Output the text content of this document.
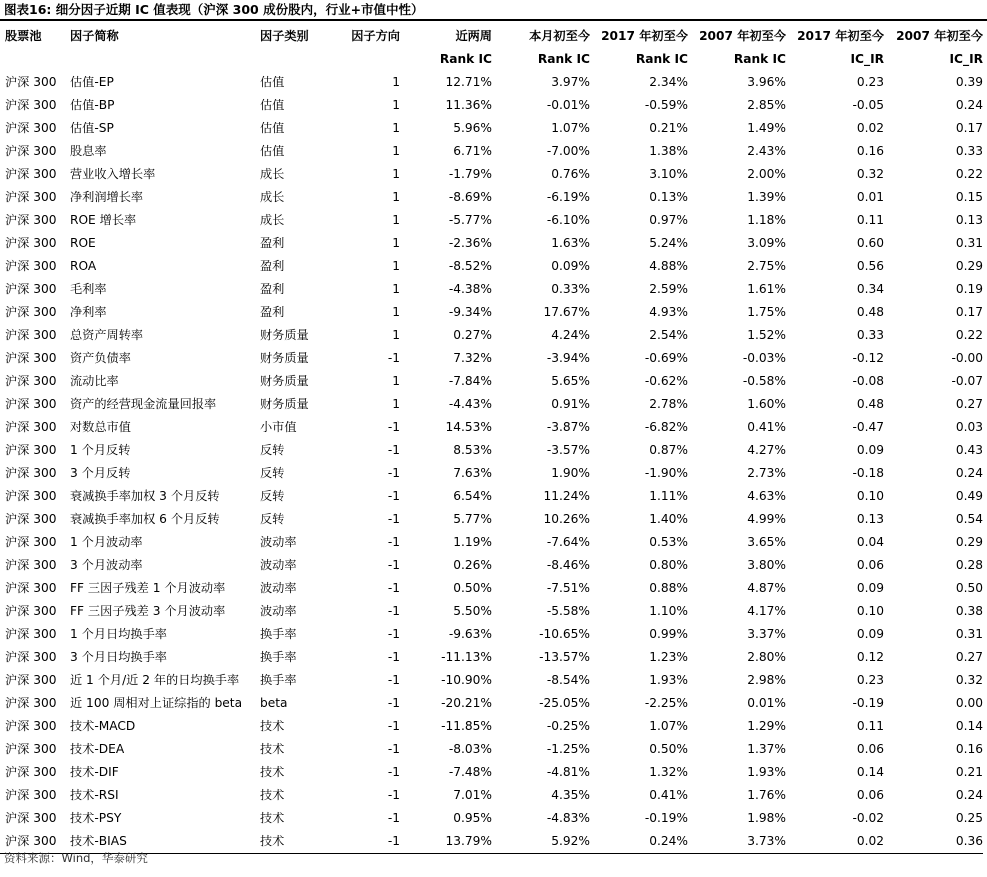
图表16: 细分因子近期 IC 值表现（沪深 300 成份股内，行业+市值中性）
股票池	因子简称	因子类别	因子方向	近两周	本月初至今	2017 年初至今	2007 年初至今	2017 年初至今	2007 年初至今
				Rank IC	Rank IC	Rank IC	Rank IC	IC_IR	IC_IR
沪深 300	估值-EP	估值	1	12.71%	3.97%	2.34%	3.96%	0.23	0.39
沪深 300	估值-BP	估值	1	11.36%	-0.01%	-0.59%	2.85%	-0.05	0.24
沪深 300	估值-SP	估值	1	5.96%	1.07%	0.21%	1.49%	0.02	0.17
沪深 300	股息率	估值	1	6.71%	-7.00%	1.38%	2.43%	0.16	0.33
沪深 300	营业收入增长率	成长	1	-1.79%	0.76%	3.10%	2.00%	0.32	0.22
沪深 300	净利润增长率	成长	1	-8.69%	-6.19%	0.13%	1.39%	0.01	0.15
沪深 300	ROE 增长率	成长	1	-5.77%	-6.10%	0.97%	1.18%	0.11	0.13
沪深 300	ROE	盈利	1	-2.36%	1.63%	5.24%	3.09%	0.60	0.31
沪深 300	ROA	盈利	1	-8.52%	0.09%	4.88%	2.75%	0.56	0.29
沪深 300	毛利率	盈利	1	-4.38%	0.33%	2.59%	1.61%	0.34	0.19
沪深 300	净利率	盈利	1	-9.34%	17.67%	4.93%	1.75%	0.48	0.17
沪深 300	总资产周转率	财务质量	1	0.27%	4.24%	2.54%	1.52%	0.33	0.22
沪深 300	资产负债率	财务质量	-1	7.32%	-3.94%	-0.69%	-0.03%	-0.12	-0.00
沪深 300	流动比率	财务质量	1	-7.84%	5.65%	-0.62%	-0.58%	-0.08	-0.07
沪深 300	资产的经营现金流量回报率	财务质量	1	-4.43%	0.91%	2.78%	1.60%	0.48	0.27
沪深 300	对数总市值	小市值	-1	14.53%	-3.87%	-6.82%	0.41%	-0.47	0.03
沪深 300	1 个月反转	反转	-1	8.53%	-3.57%	0.87%	4.27%	0.09	0.43
沪深 300	3 个月反转	反转	-1	7.63%	1.90%	-1.90%	2.73%	-0.18	0.24
沪深 300	衰减换手率加权 3 个月反转	反转	-1	6.54%	11.24%	1.11%	4.63%	0.10	0.49
沪深 300	衰减换手率加权 6 个月反转	反转	-1	5.77%	10.26%	1.40%	4.99%	0.13	0.54
沪深 300	1 个月波动率	波动率	-1	1.19%	-7.64%	0.53%	3.65%	0.04	0.29
沪深 300	3 个月波动率	波动率	-1	0.26%	-8.46%	0.80%	3.80%	0.06	0.28
沪深 300	FF 三因子残差 1 个月波动率	波动率	-1	0.50%	-7.51%	0.88%	4.87%	0.09	0.50
沪深 300	FF 三因子残差 3 个月波动率	波动率	-1	5.50%	-5.58%	1.10%	4.17%	0.10	0.38
沪深 300	1 个月日均换手率	换手率	-1	-9.63%	-10.65%	0.99%	3.37%	0.09	0.31
沪深 300	3 个月日均换手率	换手率	-1	-11.13%	-13.57%	1.23%	2.80%	0.12	0.27
沪深 300	近 1 个月/近 2 年的日均换手率	换手率	-1	-10.90%	-8.54%	1.93%	2.98%	0.23	0.32
沪深 300	近 100 周相对上证综指的 beta	beta	-1	-20.21%	-25.05%	-2.25%	0.01%	-0.19	0.00
沪深 300	技术-MACD	技术	-1	-11.85%	-0.25%	1.07%	1.29%	0.11	0.14
沪深 300	技术-DEA	技术	-1	-8.03%	-1.25%	0.50%	1.37%	0.06	0.16
沪深 300	技术-DIF	技术	-1	-7.48%	-4.81%	1.32%	1.93%	0.14	0.21
沪深 300	技术-RSI	技术	-1	7.01%	4.35%	0.41%	1.76%	0.06	0.24
沪深 300	技术-PSY	技术	-1	0.95%	-4.83%	-0.19%	1.98%	-0.02	0.25
沪深 300	技术-BIAS	技术	-1	13.79%	5.92%	0.24%	3.73%	0.02	0.36
资料来源：Wind，华泰研究
